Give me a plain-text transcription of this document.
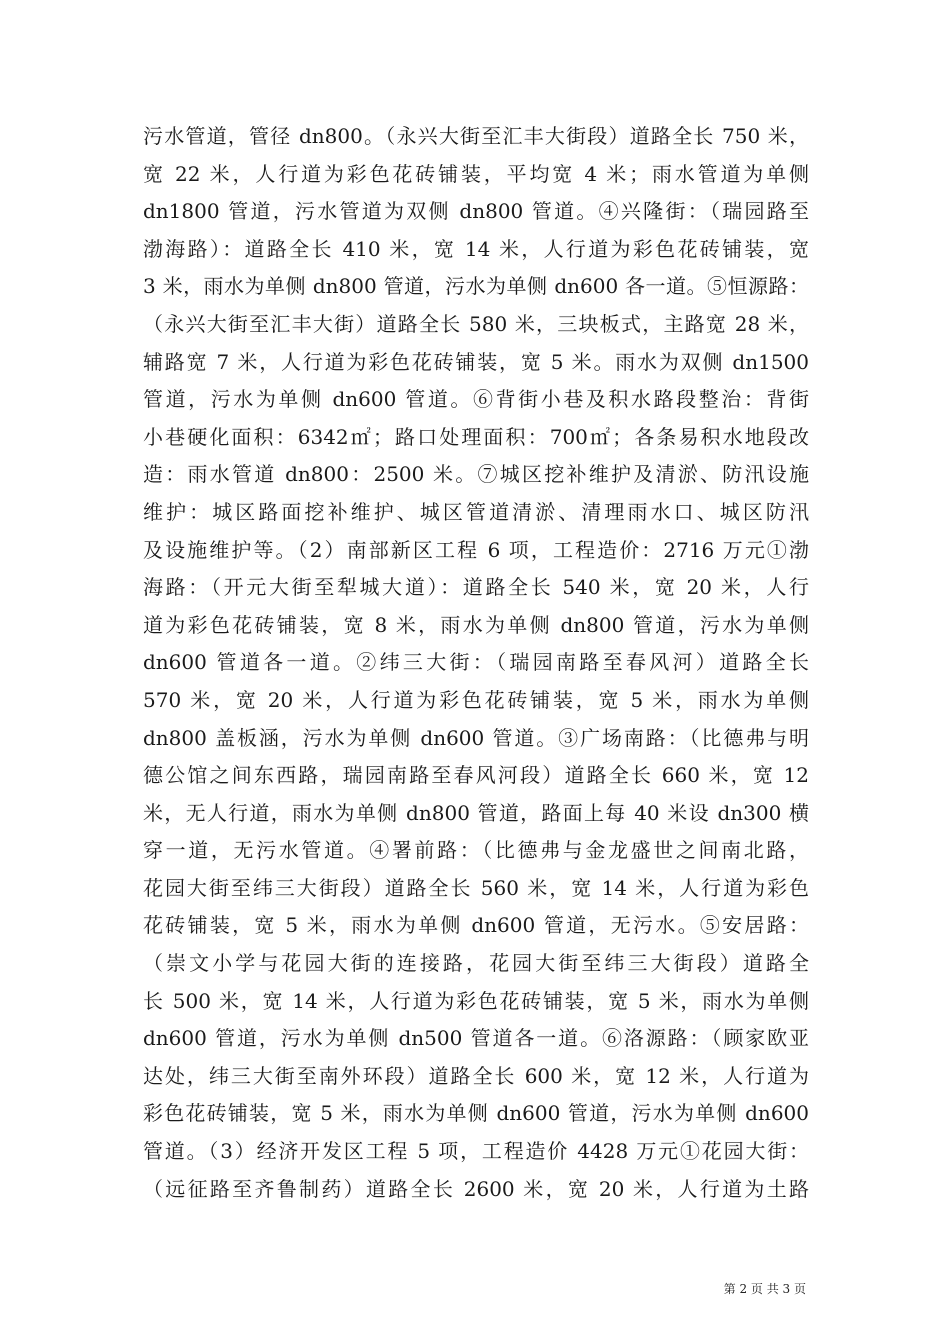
污水管道，管径 dn800。（永兴大街至汇丰大街段）道路全长 750 米，
宽 22 米，人行道为彩色花砖铺装，平均宽 4 米；雨水管道为单侧
dn1800 管道，污水管道为双侧 dn800 管道。④兴隆街：（瑞园路至
渤海路）：道路全长 410 米，宽 14 米，人行道为彩色花砖铺装，宽
3 米，雨水为单侧 dn800 管道，污水为单侧 dn600 各一道。⑤恒源路：
（永兴大街至汇丰大街）道路全长 580 米，三块板式，主路宽 28 米，
辅路宽 7 米，人行道为彩色花砖铺装，宽 5 米。雨水为双侧 dn1500
管道，污水为单侧 dn600 管道。⑥背街小巷及积水路段整治：背街
小巷硬化面积：6342㎡；路口处理面积：700㎡；各条易积水地段改
造：雨水管道 dn800：2500 米。⑦城区挖补维护及清淤、防汛设施
维护：城区路面挖补维护、城区管道清淤、清理雨水口、城区防汛
及设施维护等。（2）南部新区工程 6 项，工程造价：2716 万元①渤
海路：（开元大街至犁城大道）：道路全长 540 米，宽 20 米，人行
道为彩色花砖铺装，宽 8 米，雨水为单侧 dn800 管道，污水为单侧
dn600 管道各一道。②纬三大街：（瑞园南路至春风河）道路全长
570 米，宽 20 米，人行道为彩色花砖铺装，宽 5 米，雨水为单侧
dn800 盖板涵，污水为单侧 dn600 管道。③广场南路：（比德弗与明
德公馆之间东西路，瑞园南路至春风河段）道路全长 660 米，宽 12
米，无人行道，雨水为单侧 dn800 管道，路面上每 40 米设 dn300 横
穿一道，无污水管道。④署前路：（比德弗与金龙盛世之间南北路，
花园大街至纬三大街段）道路全长 560 米，宽 14 米，人行道为彩色
花砖铺装，宽 5 米，雨水为单侧 dn600 管道，无污水。⑤安居路：
（崇文小学与花园大街的连接路，花园大街至纬三大街段）道路全
长 500 米，宽 14 米，人行道为彩色花砖铺装，宽 5 米，雨水为单侧
dn600 管道，污水为单侧 dn500 管道各一道。⑥洛源路：（顾家欧亚
达处，纬三大街至南外环段）道路全长 600 米，宽 12 米，人行道为
彩色花砖铺装，宽 5 米，雨水为单侧 dn600 管道，污水为单侧 dn600
管道。（3）经济开发区工程 5 项，工程造价 4428 万元①花园大街：
（远征路至齐鲁制药）道路全长 2600 米，宽 20 米，人行道为土路
第 2 页 共 3 页
